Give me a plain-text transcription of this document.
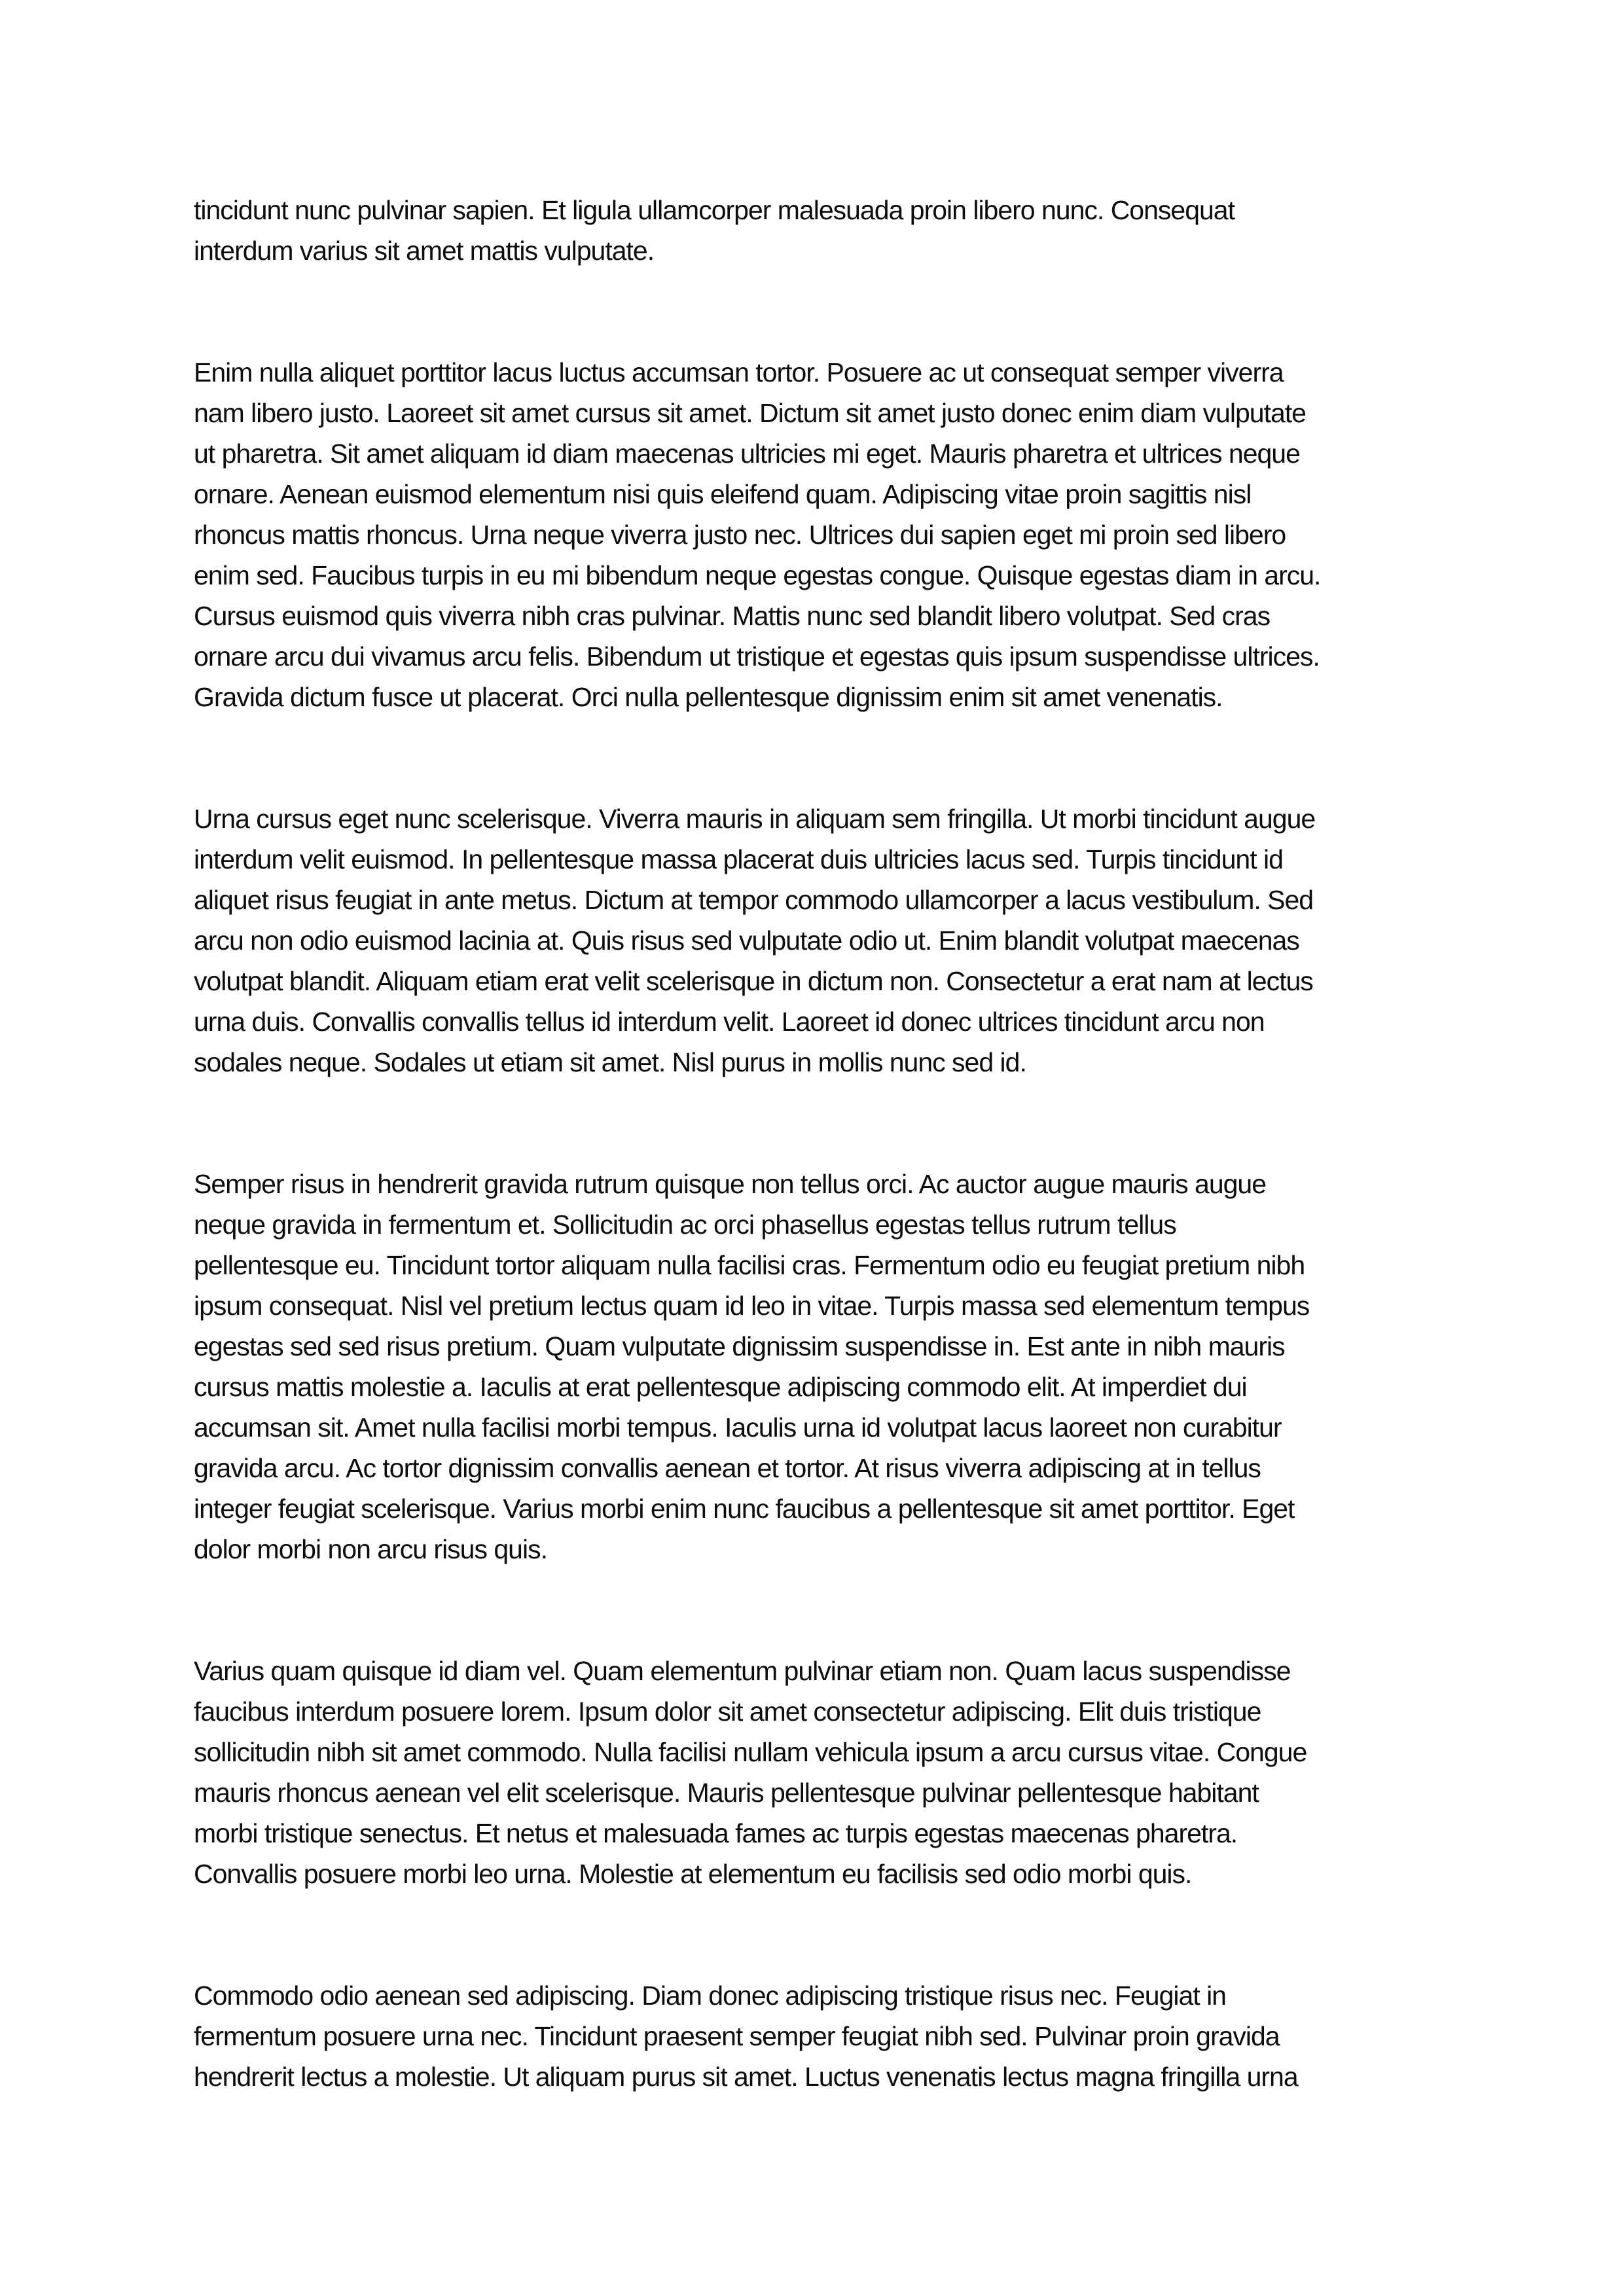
tincidunt nunc pulvinar sapien. Et ligula ullamcorper malesuada proin libero nunc. Consequat
interdum varius sit amet mattis vulputate.
Enim nulla aliquet porttitor lacus luctus accumsan tortor. Posuere ac ut consequat semper viverra
nam libero justo. Laoreet sit amet cursus sit amet. Dictum sit amet justo donec enim diam vulputate
ut pharetra. Sit amet aliquam id diam maecenas ultricies mi eget. Mauris pharetra et ultrices neque
ornare. Aenean euismod elementum nisi quis eleifend quam. Adipiscing vitae proin sagittis nisl
rhoncus mattis rhoncus. Urna neque viverra justo nec. Ultrices dui sapien eget mi proin sed libero
enim sed. Faucibus turpis in eu mi bibendum neque egestas congue. Quisque egestas diam in arcu.
Cursus euismod quis viverra nibh cras pulvinar. Mattis nunc sed blandit libero volutpat. Sed cras
ornare arcu dui vivamus arcu felis. Bibendum ut tristique et egestas quis ipsum suspendisse ultrices.
Gravida dictum fusce ut placerat. Orci nulla pellentesque dignissim enim sit amet venenatis.
Urna cursus eget nunc scelerisque. Viverra mauris in aliquam sem fringilla. Ut morbi tincidunt augue
interdum velit euismod. In pellentesque massa placerat duis ultricies lacus sed. Turpis tincidunt id
aliquet risus feugiat in ante metus. Dictum at tempor commodo ullamcorper a lacus vestibulum. Sed
arcu non odio euismod lacinia at. Quis risus sed vulputate odio ut. Enim blandit volutpat maecenas
volutpat blandit. Aliquam etiam erat velit scelerisque in dictum non. Consectetur a erat nam at lectus
urna duis. Convallis convallis tellus id interdum velit. Laoreet id donec ultrices tincidunt arcu non
sodales neque. Sodales ut etiam sit amet. Nisl purus in mollis nunc sed id.
Semper risus in hendrerit gravida rutrum quisque non tellus orci. Ac auctor augue mauris augue
neque gravida in fermentum et. Sollicitudin ac orci phasellus egestas tellus rutrum tellus
pellentesque eu. Tincidunt tortor aliquam nulla facilisi cras. Fermentum odio eu feugiat pretium nibh
ipsum consequat. Nisl vel pretium lectus quam id leo in vitae. Turpis massa sed elementum tempus
egestas sed sed risus pretium. Quam vulputate dignissim suspendisse in. Est ante in nibh mauris
cursus mattis molestie a. Iaculis at erat pellentesque adipiscing commodo elit. At imperdiet dui
accumsan sit. Amet nulla facilisi morbi tempus. Iaculis urna id volutpat lacus laoreet non curabitur
gravida arcu. Ac tortor dignissim convallis aenean et tortor. At risus viverra adipiscing at in tellus
integer feugiat scelerisque. Varius morbi enim nunc faucibus a pellentesque sit amet porttitor. Eget
dolor morbi non arcu risus quis.
Varius quam quisque id diam vel. Quam elementum pulvinar etiam non. Quam lacus suspendisse
faucibus interdum posuere lorem. Ipsum dolor sit amet consectetur adipiscing. Elit duis tristique
sollicitudin nibh sit amet commodo. Nulla facilisi nullam vehicula ipsum a arcu cursus vitae. Congue
mauris rhoncus aenean vel elit scelerisque. Mauris pellentesque pulvinar pellentesque habitant
morbi tristique senectus. Et netus et malesuada fames ac turpis egestas maecenas pharetra.
Convallis posuere morbi leo urna. Molestie at elementum eu facilisis sed odio morbi quis.
Commodo odio aenean sed adipiscing. Diam donec adipiscing tristique risus nec. Feugiat in
fermentum posuere urna nec. Tincidunt praesent semper feugiat nibh sed. Pulvinar proin gravida
hendrerit lectus a molestie. Ut aliquam purus sit amet. Luctus venenatis lectus magna fringilla urna
